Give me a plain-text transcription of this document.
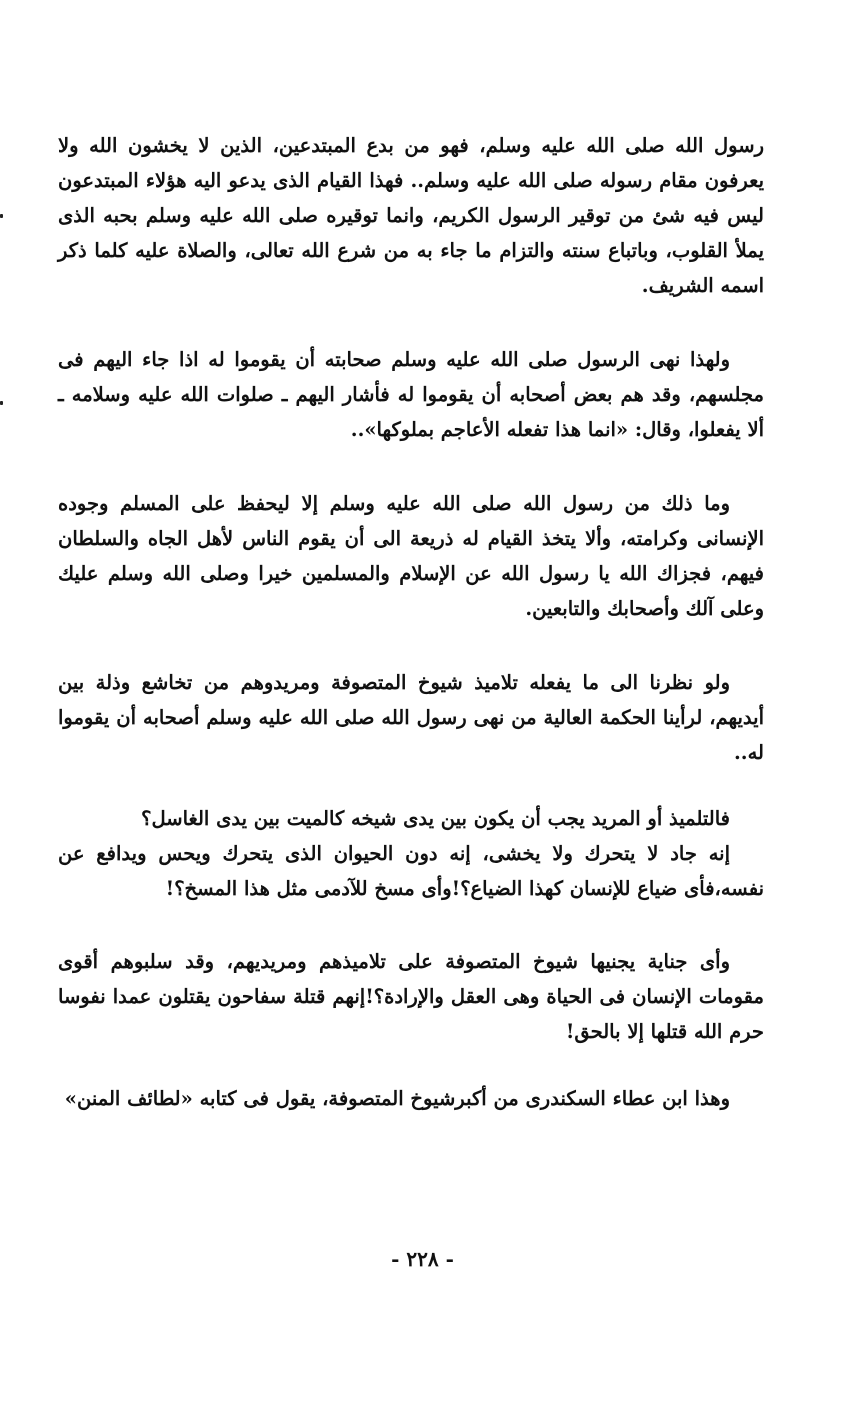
رسول الله صلى الله عليه وسلم، فهو من بدع المبتدعين، الذين لا يخشون الله ولا يعرفون مقام رسوله صلى الله عليه وسلم.. فهذا القيام الذى يدعو اليه هؤلاء المبتدعون ليس فيه شئ من توقير الرسول الكريم، وانما توقيره صلى الله عليه وسلم بحبه الذى يملأ القلوب، وباتباع سنته والتزام ما جاء به من شرع الله تعالى، والصلاة عليه كلما ذكر اسمه الشريف.

ولهذا نهى الرسول صلى الله عليه وسلم صحابته أن يقوموا له اذا جاء اليهم فى مجلسهم، وقد هم بعض أصحابه أن يقوموا له فأشار اليهم ـ صلوات الله عليه وسلامه ـ ألا يفعلوا، وقال: «انما هذا تفعله الأعاجم بملوكها»..

وما ذلك من رسول الله صلى الله عليه وسلم إلا ليحفظ على المسلم وجوده الإنسانى وكرامته، وألا يتخذ القيام له ذريعة الى أن يقوم الناس لأهل الجاه والسلطان فيهم، فجزاك الله يا رسول الله عن الإسلام والمسلمين خيرا وصلى الله وسلم عليك وعلى آلك وأصحابك والتابعين.

ولو نظرنا الى ما يفعله تلاميذ شيوخ المتصوفة ومريدوهم من تخاشع وذلة بين أيديهم، لرأينا الحكمة العالية من نهى رسول الله صلى الله عليه وسلم أصحابه أن يقوموا له..

فالتلميذ أو المريد يجب أن يكون بين يدى شيخه كالميت بين يدى الغاسل؟

إنه جاد لا يتحرك ولا يخشى، إنه دون الحيوان الذى يتحرك ويحس ويدافع عن نفسه،فأى ضياع للإنسان كهذا الضياع؟!وأى مسخ للآدمى مثل هذا المسخ؟!

وأى جناية يجنيها شيوخ المتصوفة على تلاميذهم ومريديهم، وقد سلبوهم أقوى مقومات الإنسان فى الحياة وهى العقل والإرادة؟!إنهم قتلة سفاحون يقتلون عمدا نفوسا حرم الله قتلها إلا بالحق!

وهذا ابن عطاء السكندرى من أكبرشيوخ المتصوفة، يقول فى كتابه «لطائف المنن»

- ٢٢٨ -
